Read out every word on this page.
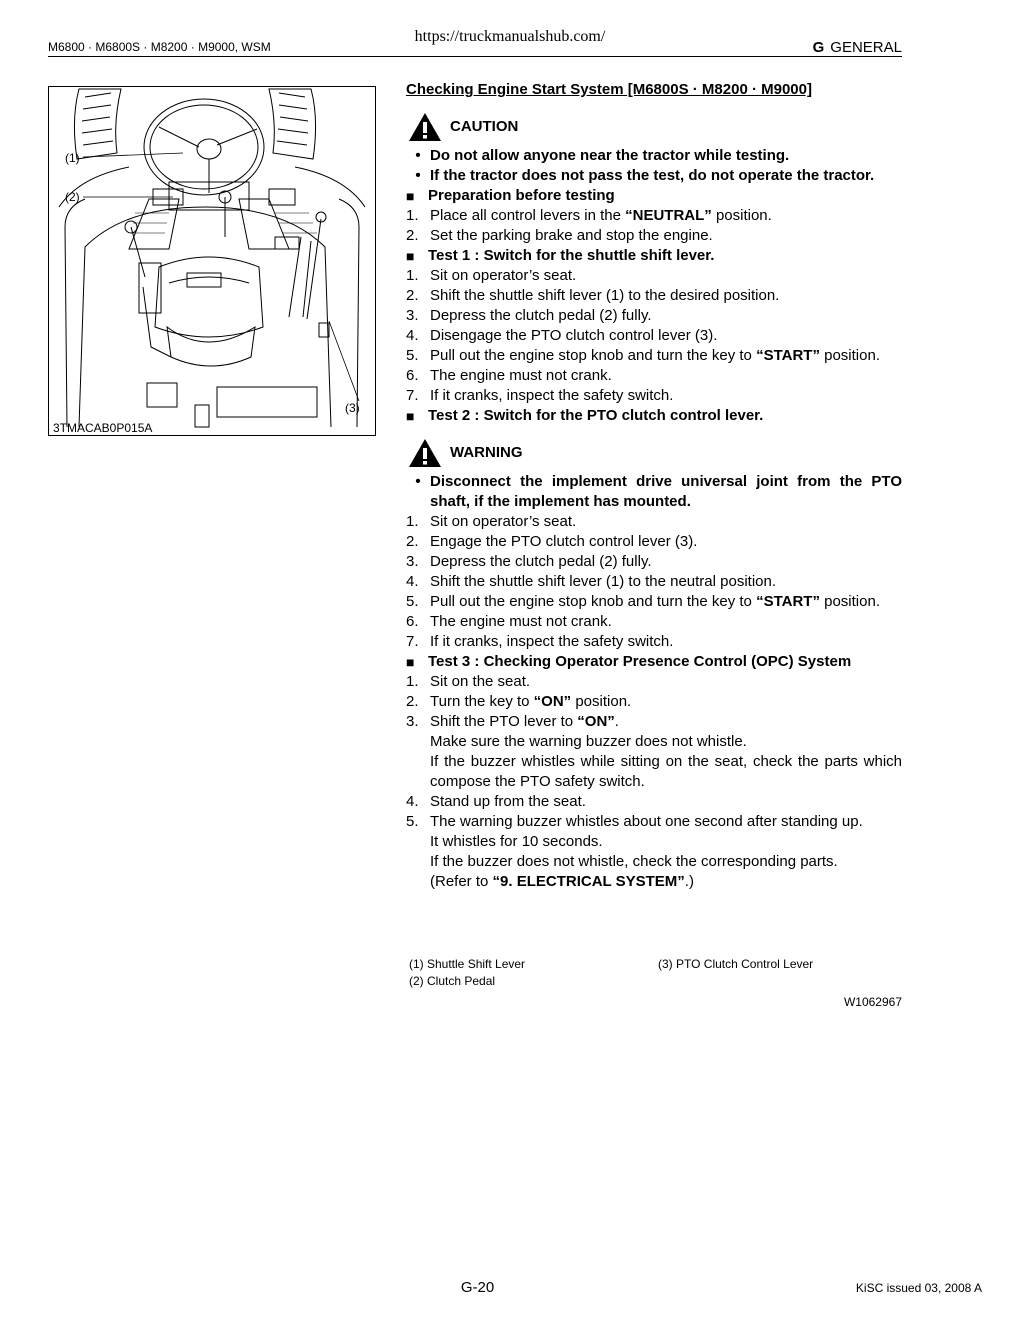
https://truckmanualshub.com/
M6800 · M6800S · M8200 · M9000, WSM	G GENERAL
(1)
(2)
(3)
3TMACAB0P015A
Checking Engine Start System [M6800S · M8200 · M9000]
CAUTION
• Do not allow anyone near the tractor while testing.
• If the tractor does not pass the test, do not operate the tractor.
■ Preparation before testing
1. Place all control levers in the “NEUTRAL” position.
2. Set the parking brake and stop the engine.
■ Test 1 : Switch for the shuttle shift lever.
1. Sit on operator’s seat.
2. Shift the shuttle shift lever (1) to the desired position.
3. Depress the clutch pedal (2) fully.
4. Disengage the PTO clutch control lever (3).
5. Pull out the engine stop knob and turn the key to “START” position.
6. The engine must not crank.
7. If it cranks, inspect the safety switch.
■ Test 2 : Switch for the PTO clutch control lever.
WARNING
• Disconnect the implement drive universal joint from the PTO shaft, if the implement has mounted.
1. Sit on operator’s seat.
2. Engage the PTO clutch control lever (3).
3. Depress the clutch pedal (2) fully.
4. Shift the shuttle shift lever (1) to the neutral position.
5. Pull out the engine stop knob and turn the key to “START” position.
6. The engine must not crank.
7. If it cranks, inspect the safety switch.
■ Test 3 : Checking Operator Presence Control (OPC) System
1. Sit on the seat.
2. Turn the key to “ON” position.
3. Shift the PTO lever to “ON”.
Make sure the warning buzzer does not whistle.
If the buzzer whistles while sitting on the seat, check the parts which compose the PTO safety switch.
4. Stand up from the seat.
5. The warning buzzer whistles about one second after standing up.
It whistles for 10 seconds.
If the buzzer does not whistle, check the corresponding parts.
(Refer to “9. ELECTRICAL SYSTEM”.)
(1) Shuttle Shift Lever	(3) PTO Clutch Control Lever
(2) Clutch Pedal
W1062967
G-20	KiSC issued 03, 2008 A
